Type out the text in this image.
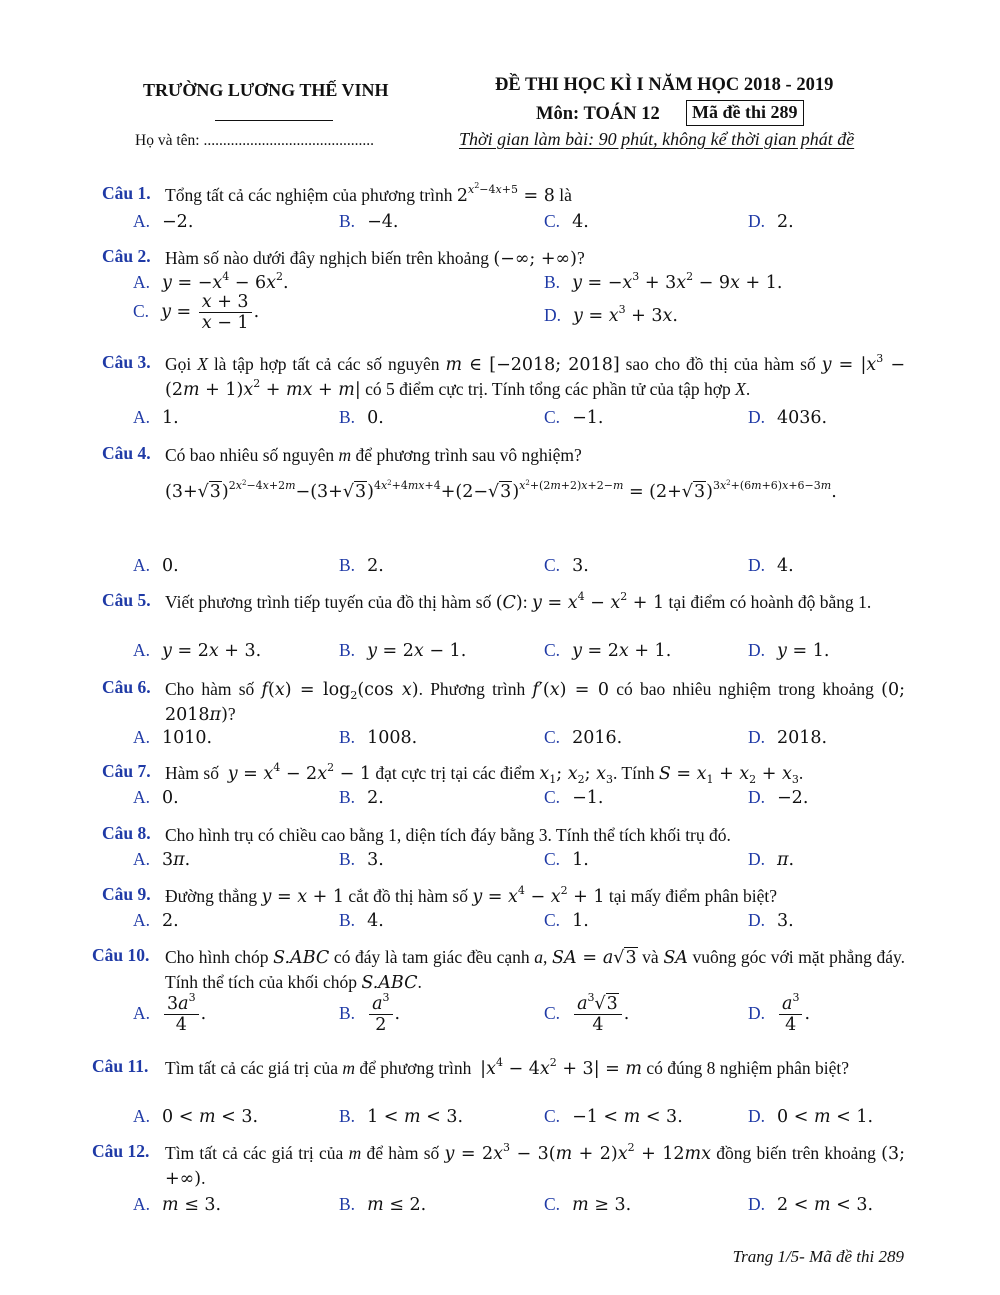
TRƯỜNG LƯƠNG THẾ VINH
Họ và tên: ............................................
ĐỀ THI HỌC KÌ I NĂM HỌC 2018 - 2019
Môn: TOÁN 12	Mã đề thi 289
Thời gian làm bài: 90 phút, không kể thời gian phát đề
Câu 1. Tổng tất cả các nghiệm của phương trình $2^{x^2-4x+5} = 8$ là
A. −2.	B. −4.	C. 4.	D. 2.
Câu 2. Hàm số nào dưới đây nghịch biến trên khoảng (−∞; +∞)?
A. $y = -x^4 - 6x^2$.	B. $y = -x^3 + 3x^2 - 9x + 1$.
C. $y = \frac{x + 3}{x - 1}$ .	D. $y = x^3 + 3x$.
Câu 3. Gọi X là tập hợp tất cả các số nguyên m ∈ [−2018; 2018] sao cho đồ thị của hàm số $y = |x^3 - (2m + 1)x^2$ + mx + m| có 5 điểm cực trị. Tính tổng các phần tử của tập hợp X.
A. 1.	B. 0.	C. −1.	D. 4036.
Câu 4. Có bao nhiêu số nguyên m để phương trình sau vô nghiệm?
$(3+√3)^{2x^2-4x+2m}-(3+√3)^{4x^2+4mx+4}+(2-√3)^{x^2+(2m+2)x+2-m} = (2+√3)^{3x^2+(6m+6)x+6-3m}$.
A. 0.	B. 2.	C. 3.	D. 4.
Câu 5. Viết phương trình tiếp tuyến của đồ thị hàm số (C): $y = x^4 - x^2 + 1$ tại điểm có hoành độ bằng 1.
A. y = 2x + 3.	B. y = 2x − 1.	C. y = 2x + 1.	D. y = 1.
Câu 6. Cho hàm số $f(x) = \log_2(\cos$ x). Phương trình f′(x) = 0 có bao nhiêu nghiệm trong khoảng (0; 2018π)?
A. 1010.	B. 1008.	C. 2016.	D. 2018.
Câu 7. Hàm số  $y = x^4 - 2x^2 - 1$ đạt cực trị tại các điểm $x_1$; $x_2$; $x_3$. Tính $S = x_1 + x_2 + x_3$.
A. 0.	B. 2.	C. −1.	D. −2.
Câu 8. Cho hình trụ có chiều cao bằng 1, diện tích đáy bằng 3. Tính thể tích khối trụ đó.
A. 3π.	B. 3.	C. 1.	D. π.
Câu 9. Đường thẳng y = x + 1 cắt đồ thị hàm số $y = x^4 - x^2 + 1$ tại mấy điểm phân biệt?
A. 2.	B. 4.	C. 1.	D. 3.
Câu 10. Cho hình chóp S.ABC có đáy là tam giác đều cạnh a, SA = a√3 và SA vuông góc với mặt phẳng đáy. Tính thể tích của khối chóp S.ABC.
A. $\frac{3a^3}{4}$ .	B. $\frac{a^3}{2}$ .	C. $\frac{a^3√3}{4}$ .	D. $\frac{a^3}{4}$ .
Câu 11. Tìm tất cả các giá trị của m để phương trình  $|x^4 - 4x^2 + 3| = m$ có đúng 8 nghiệm phân biệt?
A. 0 < m < 3.	B. 1 < m < 3.	C. −1 < m < 3.	D. 0 < m < 1.
Câu 12. Tìm tất cả các giá trị của m để hàm số $y = 2x^3 - 3(m + 2)x^2 + 12mx$ đồng biến trên khoảng (3; +∞).
A. m ≤ 3.	B. m ≤ 2.	C. m ≥ 3.	D. 2 < m < 3.
Trang 1/5- Mã đề thi 289
